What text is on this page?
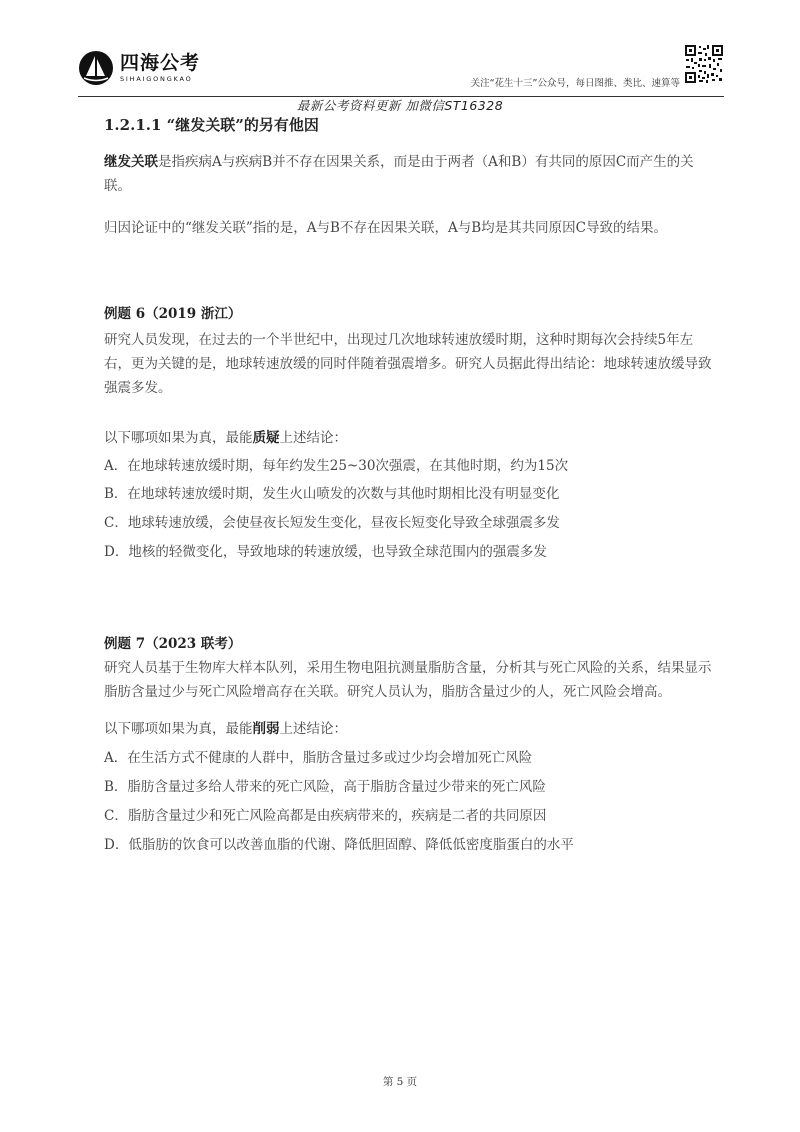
四海公考
SIHAIGONGKAO	关注“花生十三”公众号，每日图推、类比、速算等
最新公考资料更新 加微信ST16328
1.2.1.1 “继发关联”的另有他因
继发关联是指疾病A与疾病B并不存在因果关系，而是由于两者（A和B）有共同的原因C而产生的关联。
归因论证中的“继发关联”指的是，A与B不存在因果关联，A与B均是其共同原因C导致的结果。
例题 6（2019 浙江）
研究人员发现，在过去的一个半世纪中，出现过几次地球转速放缓时期，这种时期每次会持续5年左右，更为关键的是，地球转速放缓的同时伴随着强震增多。研究人员据此得出结论：地球转速放缓导致强震多发。
以下哪项如果为真，最能质疑上述结论：
A．在地球转速放缓时期，每年约发生25~30次强震，在其他时期，约为15次
B．在地球转速放缓时期，发生火山喷发的次数与其他时期相比没有明显变化
C．地球转速放缓，会使昼夜长短发生变化，昼夜长短变化导致全球强震多发
D．地核的轻微变化，导致地球的转速放缓，也导致全球范围内的强震多发
例题 7（2023 联考）
研究人员基于生物库大样本队列，采用生物电阻抗测量脂肪含量，分析其与死亡风险的关系，结果显示脂肪含量过少与死亡风险增高存在关联。研究人员认为，脂肪含量过少的人，死亡风险会增高。
以下哪项如果为真，最能削弱上述结论：
A．在生活方式不健康的人群中，脂肪含量过多或过少均会增加死亡风险
B．脂肪含量过多给人带来的死亡风险，高于脂肪含量过少带来的死亡风险
C．脂肪含量过少和死亡风险高都是由疾病带来的，疾病是二者的共同原因
D．低脂肪的饮食可以改善血脂的代谢、降低胆固醇、降低低密度脂蛋白的水平
第 5 页
